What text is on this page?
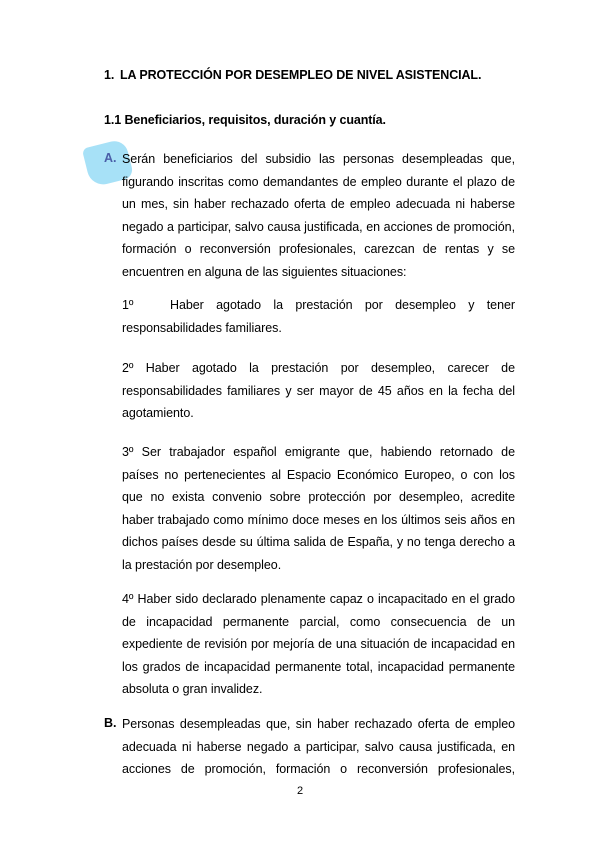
1. LA PROTECCIÓN POR DESEMPLEO DE NIVEL ASISTENCIAL.
1.1 Beneficiarios, requisitos, duración y cuantía.
A. Serán beneficiarios del subsidio las personas desempleadas que, figurando inscritas como demandantes de empleo durante el plazo de un mes, sin haber rechazado oferta de empleo adecuada ni haberse negado a participar, salvo causa justificada, en acciones de promoción, formación o reconversión profesionales, carezcan de rentas y se encuentren en alguna de las siguientes situaciones:
1º	Haber agotado la prestación por desempleo y tener responsabilidades familiares.
2º Haber agotado la prestación por desempleo, carecer de responsabilidades familiares y ser mayor de 45 años en la fecha del agotamiento.
3º Ser trabajador español emigrante que, habiendo retornado de países no pertenecientes al Espacio Económico Europeo, o con los que no exista convenio sobre protección por desempleo, acredite haber trabajado como mínimo doce meses en los últimos seis años en dichos países desde su última salida de España, y no tenga derecho a la prestación por desempleo.
4º Haber sido declarado plenamente capaz o incapacitado en el grado de incapacidad permanente parcial, como consecuencia de un expediente de revisión por mejoría de una situación de incapacidad en los grados de incapacidad permanente total, incapacidad permanente absoluta o gran invalidez.
B. Personas desempleadas que, sin haber rechazado oferta de empleo adecuada ni haberse negado a participar, salvo causa justificada, en acciones de promoción, formación o reconversión profesionales,
2
